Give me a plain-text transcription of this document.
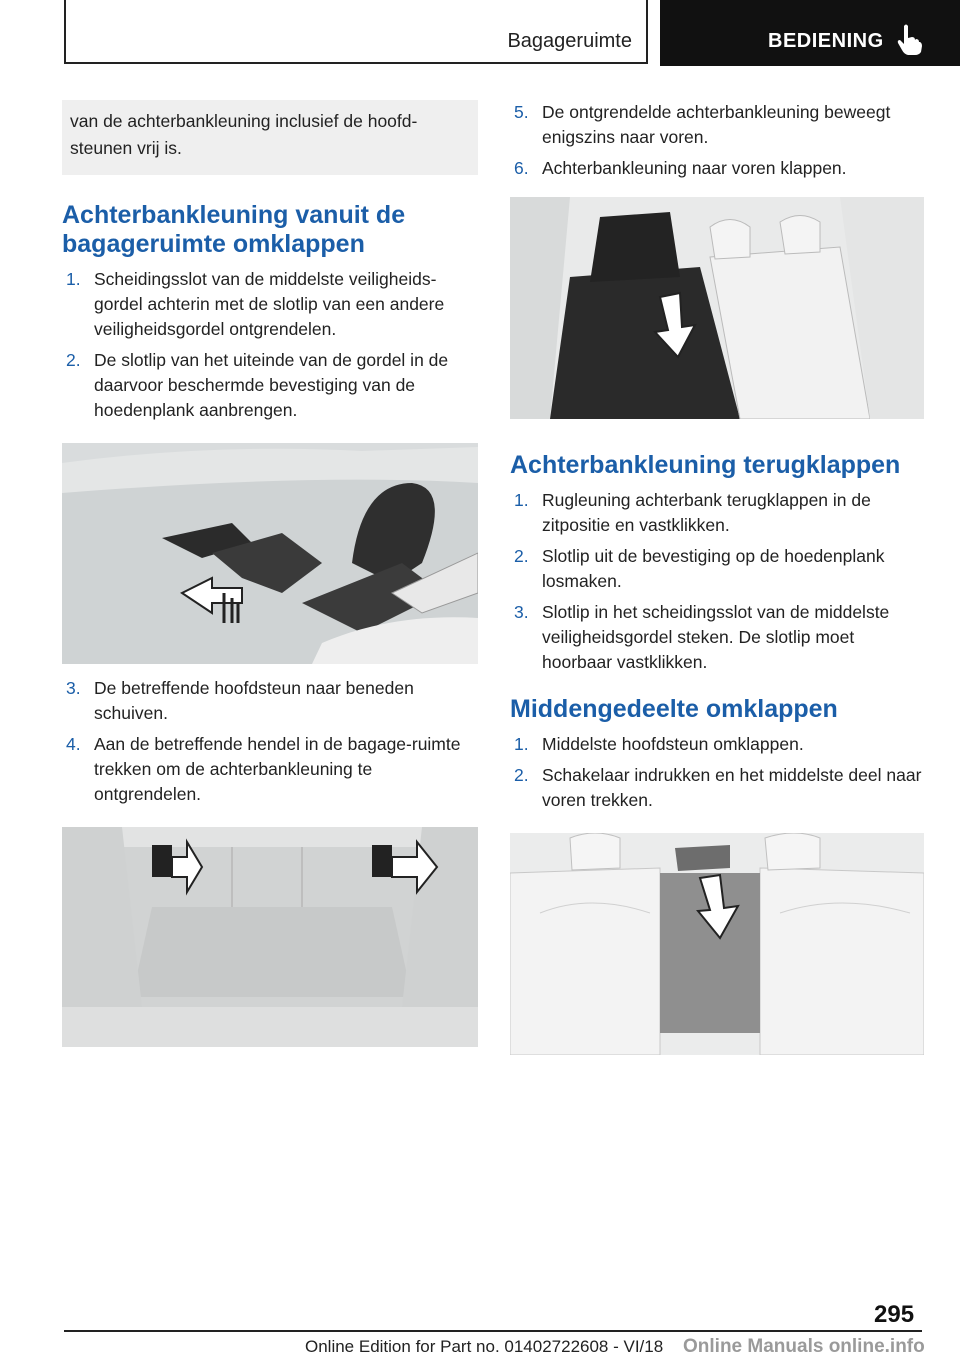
Bagageruimte	BEDIENING
van de achterbankleuning inclusief de hoofd-steunen vrij is.
Achterbankleuning vanuit de bagageruimte omklappen
1. Scheidingsslot van de middelste veiligheids-gordel achterin met de slotlip van een andere veiligheidsgordel ontgrendelen.
2. De slotlip van het uiteinde van de gordel in de daarvoor beschermde bevestiging van de hoedenplank aanbrengen.
3. De betreffende hoofdsteun naar beneden schuiven.
4. Aan de betreffende hendel in de bagage-ruimte trekken om de achterbankleuning te ontgrendelen.
5. De ontgrendelde achterbankleuning beweegt enigszins naar voren.
6. Achterbankleuning naar voren klappen.
Achterbankleuning terugklappen
1. Rugleuning achterbank terugklappen in de zitpositie en vastklikken.
2. Slotlip uit de bevestiging op de hoedenplank losmaken.
3. Slotlip in het scheidingsslot van de middelste veiligheidsgordel steken. De slotlip moet hoorbaar vastklikken.
Middengedeelte omklappen
1. Middelste hoofdsteun omklappen.
2. Schakelaar indrukken en het middelste deel naar voren trekken.
295
Online Edition for Part no. 01402722608 - VI/18 Online Manuals online.info
